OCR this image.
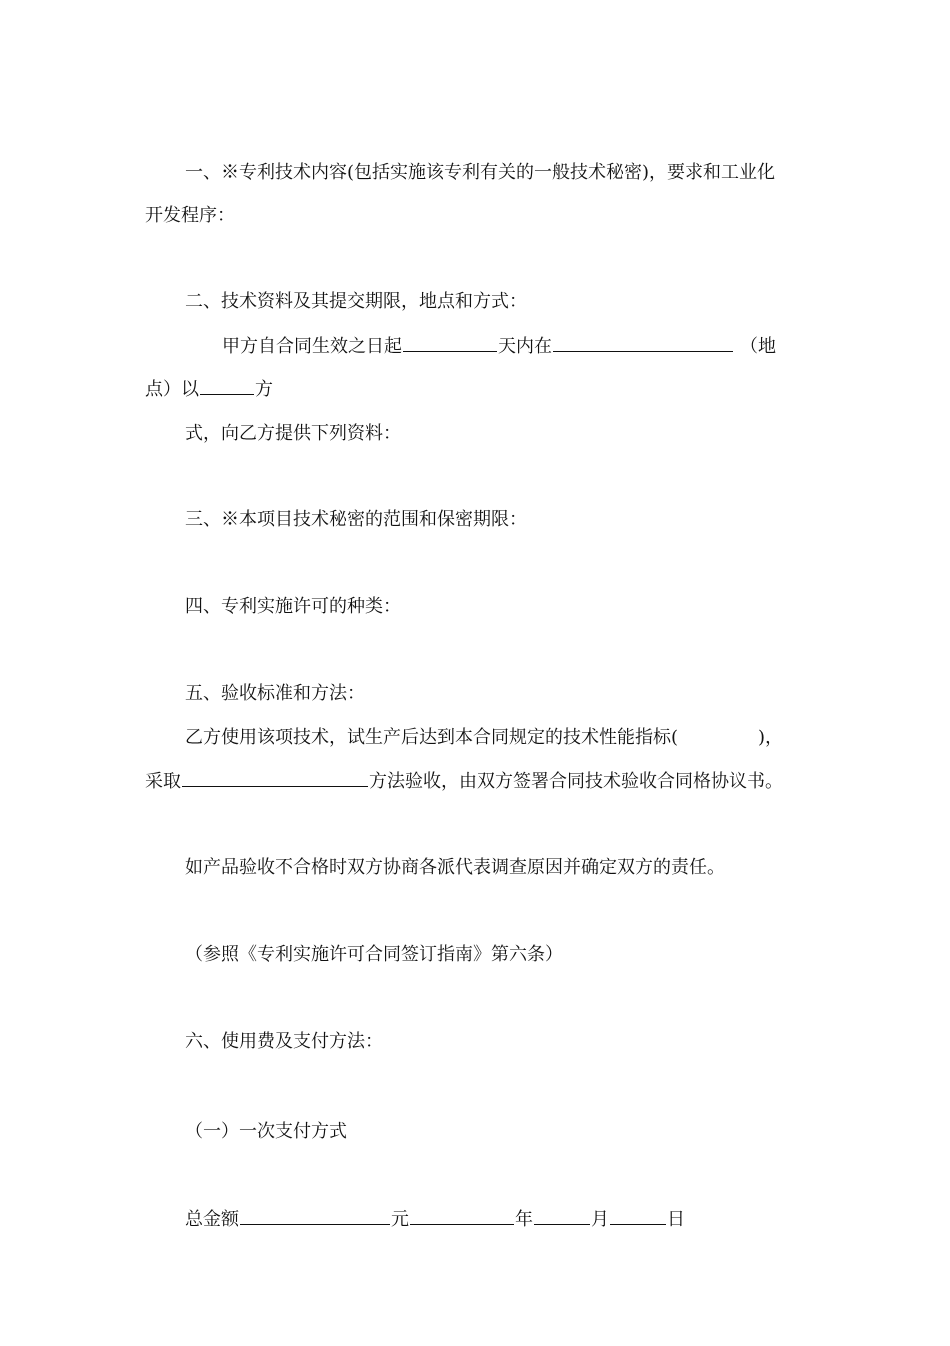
一、※专利技术内容(包括实施该专利有关的一般技术秘密)，要求和工业化
开发程序：
二、技术资料及其提交期限，地点和方式：
甲方自合同生效之日起	天内在	（地
点）以	方
式，向乙方提供下列资料：
三、※本项目技术秘密的范围和保密期限：
四、专利实施许可的种类：
五、验收标准和方法：
乙方使用该项技术，试生产后达到本合同规定的技术性能指标(	)，
采取	方法验收，由双方签署合同技术验收合同格协议书。
如产品验收不合格时双方协商各派代表调查原因并确定双方的责任。
（参照《专利实施许可合同签订指南》第六条）
六、使用费及支付方法：
（一）一次支付方式
总金额	元	年	月	日
